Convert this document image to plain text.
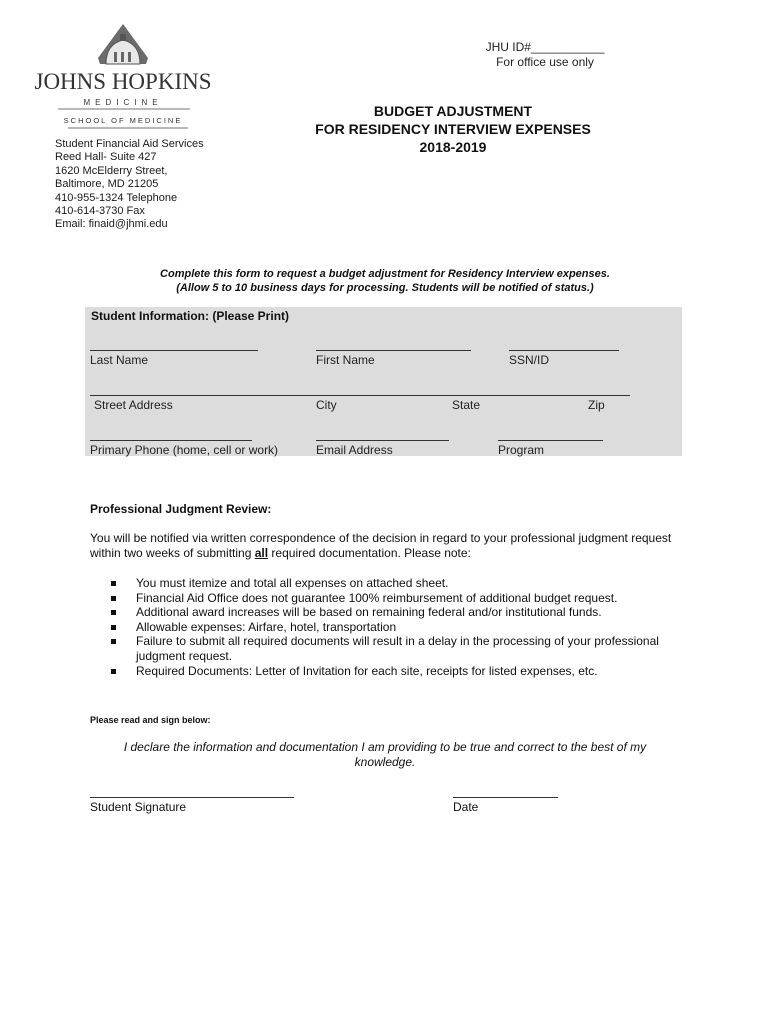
JOHNS HOPKINS
MEDICINE
SCHOOL OF MEDICINE
JHU ID#___________
For office use only
Student Financial Aid Services
Reed Hall- Suite 427
1620 McElderry Street,
Baltimore, MD 21205
410-955-1324 Telephone
410-614-3730 Fax
Email: finaid@jhmi.edu
BUDGET ADJUSTMENT
FOR RESIDENCY INTERVIEW EXPENSES
2018-2019
Complete this form to request a budget adjustment for Residency Interview expenses.
(Allow 5 to 10 business days for processing. Students will be notified of status.)
Student Information: (Please Print)
Last Name	First Name	SSN/ID
Street Address	City	State	Zip
Primary Phone (home, cell or work)	Email Address	Program
Professional Judgment Review:
You will be notified via written correspondence of the decision in regard to your professional judgment request within two weeks of submitting all required documentation. Please note:
You must itemize and total all expenses on attached sheet.
Financial Aid Office does not guarantee 100% reimbursement of additional budget request.
Additional award increases will be based on remaining federal and/or institutional funds.
Allowable expenses: Airfare, hotel, transportation
Failure to submit all required documents will result in a delay in the processing of your professional judgment request.
Required Documents: Letter of Invitation for each site, receipts for listed expenses, etc.
Please read and sign below:
I declare the information and documentation I am providing to be true and correct to the best of my knowledge.
Student Signature	Date
